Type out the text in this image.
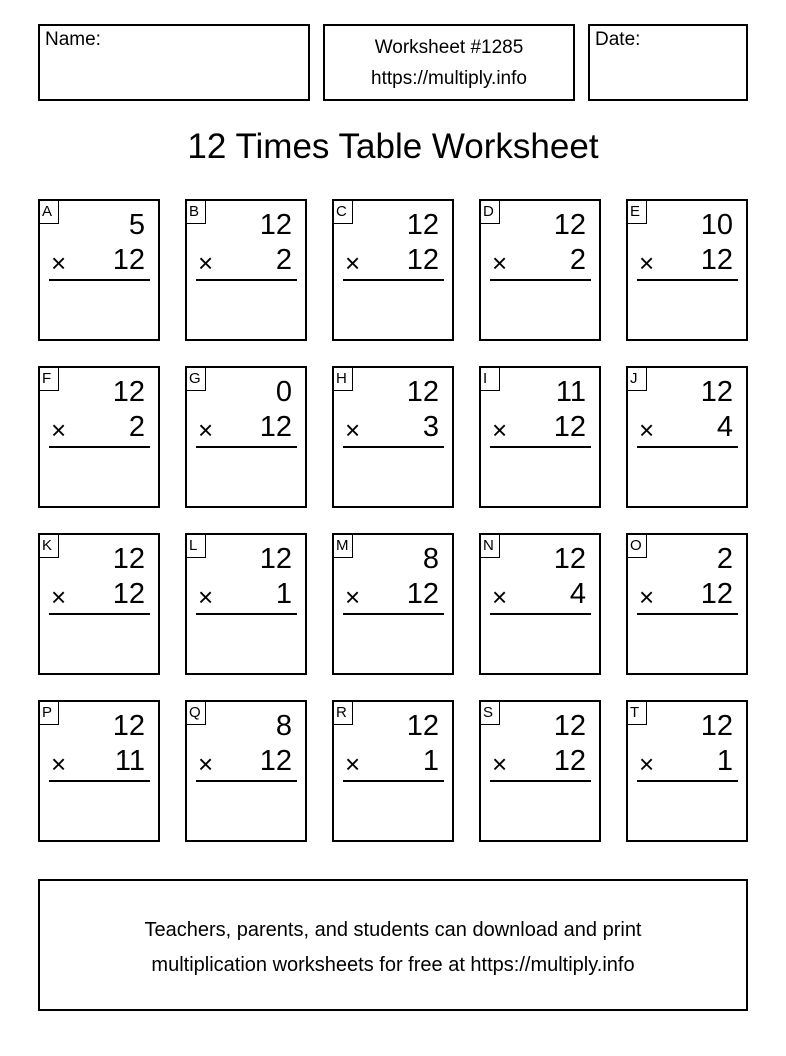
Name:	Worksheet #1285
https://multiply.info
Date:
12 Times Table Worksheet
A	5
× 12
B 12
× 2
C 12
× 12
D 12
× 2
E 10
× 12
F 12
× 2
G	0
× 12
H 12
× 3
I	11
× 12
J	12
× 4
K 12
× 12
L 12
× 1
M	8
× 12
N 12
× 4
O	2
× 12
P 12
× 11
Q	8
× 12
R 12
× 1
S 12
× 12
T 12
× 1
Teachers, parents, and students can download and print
multiplication worksheets for free at https://multiply.info
